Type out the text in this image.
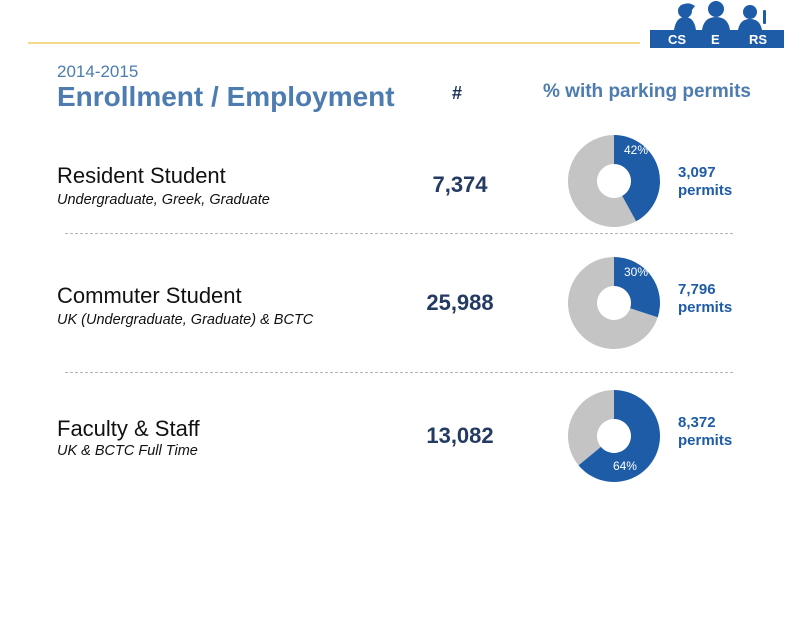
CS E RS
2014-2015
Enrollment / Employment	#	% with parking permits
Resident Student
Undergraduate, Greek, Graduate
7,374
42%
3,097
permits
Commuter Student
UK (Undergraduate, Graduate) & BCTC
25,988
30%
7,796
permits
Faculty & Staff
UK & BCTC Full Time
13,082
64%
8,372
permits
